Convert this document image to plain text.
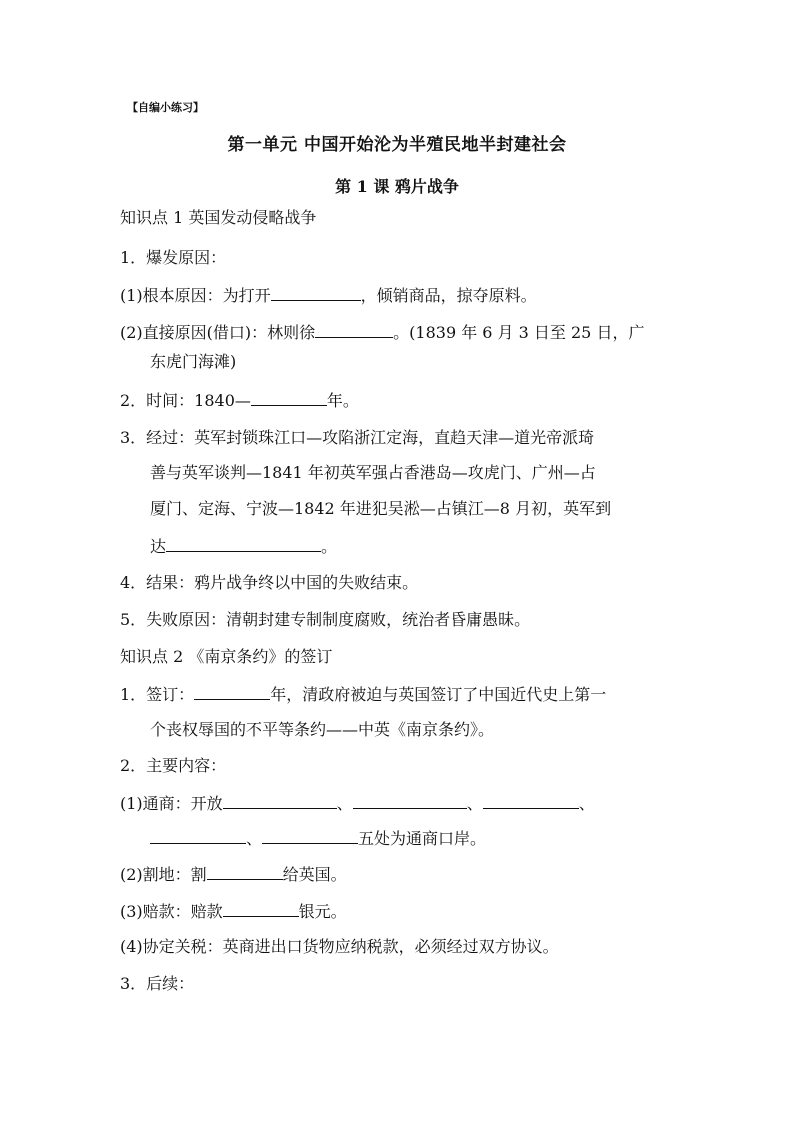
【自编小练习】
第一单元 中国开始沦为半殖民地半封建社会
第 1 课 鸦片战争
知识点 1 英国发动侵略战争
1．爆发原因：
(1)根本原因：为打开	，倾销商品，掠夺原料。
(2)直接原因(借口)：林则徐	。(1839 年 6 月 3 日至 25 日，广
东虎门海滩)
2．时间：1840—	年。
3．经过：英军封锁珠江口—攻陷浙江定海，直趋天津—道光帝派琦
善与英军谈判—1841 年初英军强占香港岛—攻虎门、广州—占
厦门、定海、宁波—1842 年进犯吴淞—占镇江—8 月初，英军到
达	。
4．结果：鸦片战争终以中国的失败结束。
5．失败原因：清朝封建专制制度腐败，统治者昏庸愚昧。
知识点 2 《南京条约》的签订
1．签订：	年，清政府被迫与英国签订了中国近代史上第一
个丧权辱国的不平等条约——中英《南京条约》。
2．主要内容：
(1)通商：开放	、	、	、
、	五处为通商口岸。
(2)割地：割	给英国。
(3)赔款：赔款	银元。
(4)协定关税：英商进出口货物应纳税款，必须经过双方协议。
3．后续：
